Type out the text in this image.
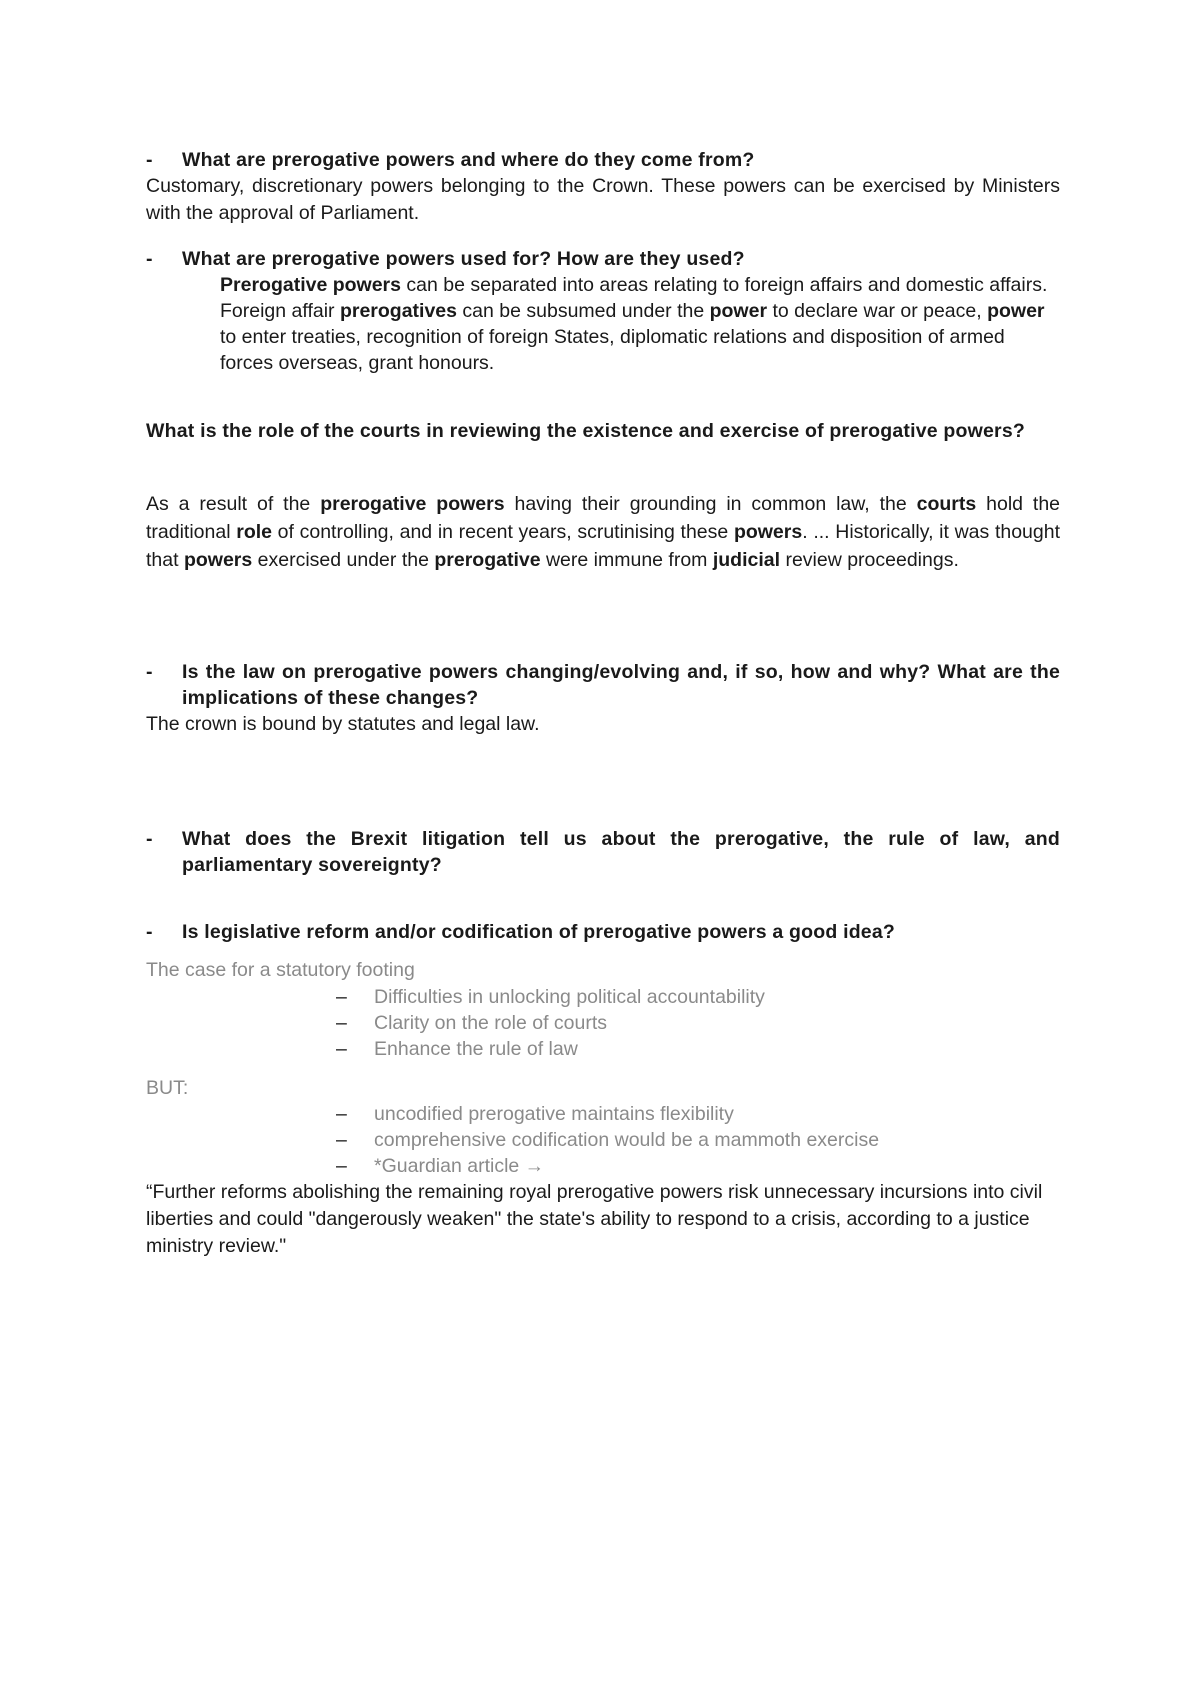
-	What are prerogative powers and where do they come from?
Customary, discretionary powers belonging to the Crown. These powers can be exercised by Ministers with the approval of Parliament.
-	What are prerogative powers used for? How are they used?
Prerogative powers can be separated into areas relating to foreign affairs and domestic affairs. Foreign affair prerogatives can be subsumed under the power to declare war or peace, power to enter treaties, recognition of foreign States, diplomatic relations and disposition of armed forces overseas, grant honours.
What is the role of the courts in reviewing the existence and exercise of prerogative powers?
As a result of the prerogative powers having their grounding in common law, the courts hold the traditional role of controlling, and in recent years, scrutinising these powers. ... Historically, it was thought that powers exercised under the prerogative were immune from judicial review proceedings.
-	Is the law on prerogative powers changing/evolving and, if so, how and why? What are the implications of these changes?
The crown is bound by statutes and legal law.
-	What does the Brexit litigation tell us about the prerogative, the rule of law, and parliamentary sovereignty?
-	Is legislative reform and/or codification of prerogative powers a good idea?
The case for a statutory footing
– Difficulties in unlocking political accountability
– Clarity on the role of courts
– Enhance the rule of law
BUT:
– uncodified prerogative maintains flexibility
– comprehensive codification would be a mammoth exercise
– *Guardian article →
“Further reforms abolishing the remaining royal prerogative powers risk unnecessary incursions into civil liberties and could "dangerously weaken" the state's ability to respond to a crisis, according to a justice ministry review."
